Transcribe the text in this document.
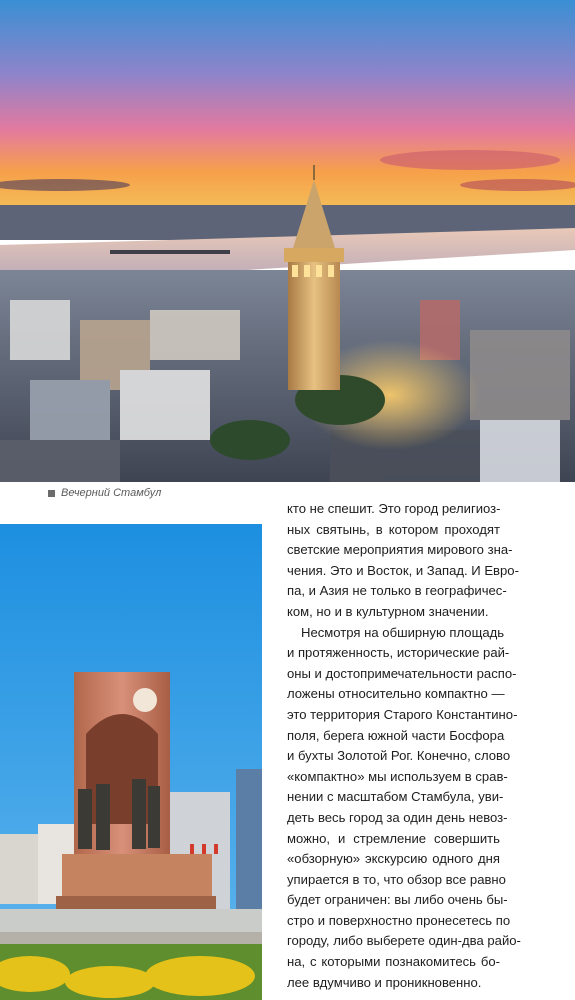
Вечерний Стамбул
кто не спешит. Это город религиоз-
ных святынь, в котором проходят
светские мероприятия мирового зна-
чения. Это и Восток, и Запад. И Евро-
па, и Азия не только в географичес-
ком, но и в культурном значении.
Несмотря на обширную площадь
и протяженность, исторические рай-
оны и достопримечательности распо-
ложены относительно компактно —
это территория Старого Константино-
поля, берега южной части Босфора
и бухты Золотой Рог. Конечно, слово
«компактно» мы используем в срав-
нении с масштабом Стамбула, уви-
деть весь город за один день невоз-
можно, и стремление совершить
«обзорную» экскурсию одного дня
упирается в то, что обзор все равно
будет ограничен: вы либо очень бы-
стро и поверхностно пронесетесь по
городу, либо выберете один-два райо-
на, с которыми познакомитесь бо-
лее вдумчиво и проникновенно.
